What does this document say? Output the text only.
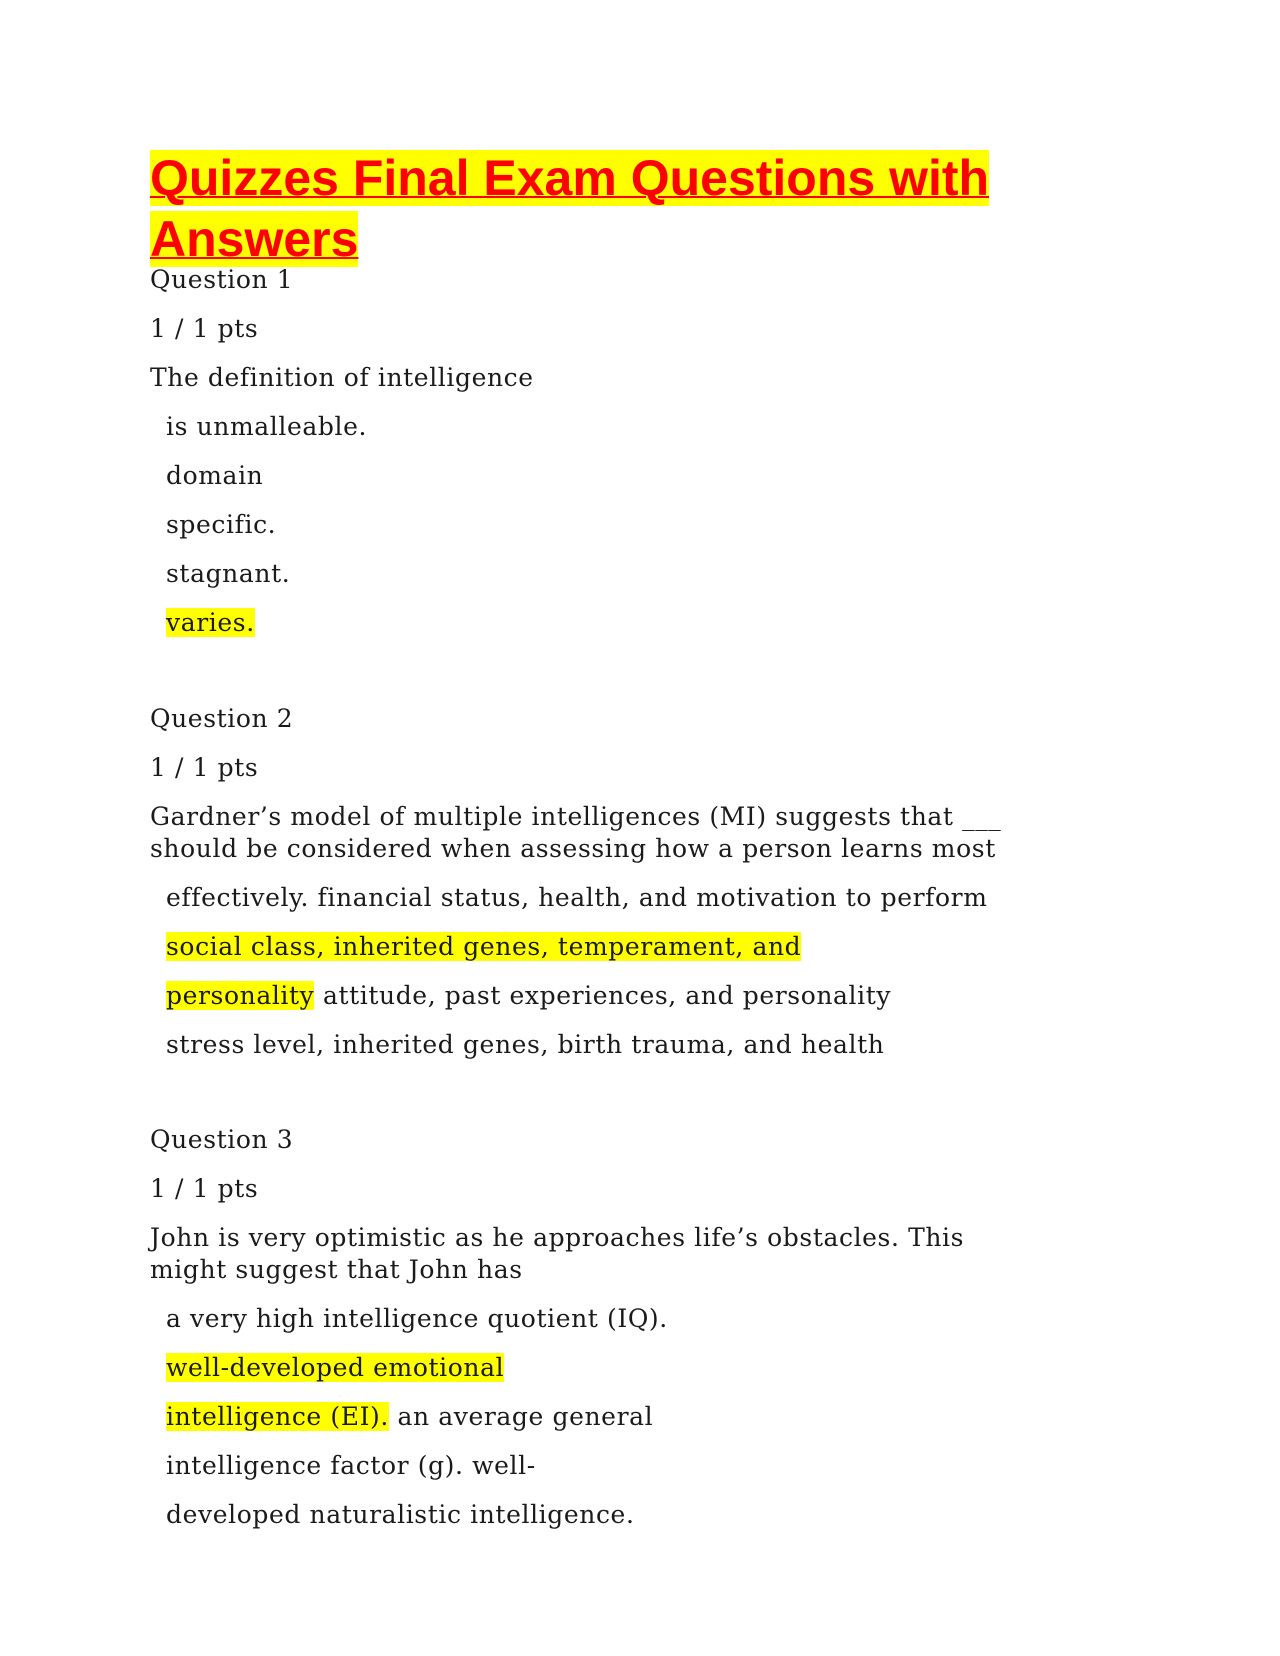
Quizzes Final Exam Questions with
Answers
Question 1
1 / 1 pts
The definition of intelligence
is unmalleable.
domain
specific.
stagnant.
varies.
Question 2
1 / 1 pts
Gardner’s model of multiple intelligences (MI) suggests that ___
should be considered when assessing how a person learns most
effectively. financial status, health, and motivation to perform
social class, inherited genes, temperament, and
personality attitude, past experiences, and personality
stress level, inherited genes, birth trauma, and health
Question 3
1 / 1 pts
John is very optimistic as he approaches life’s obstacles. This
might suggest that John has
a very high intelligence quotient (IQ).
well-developed emotional
intelligence (EI). an average general
intelligence factor (g). well-
developed naturalistic intelligence.
